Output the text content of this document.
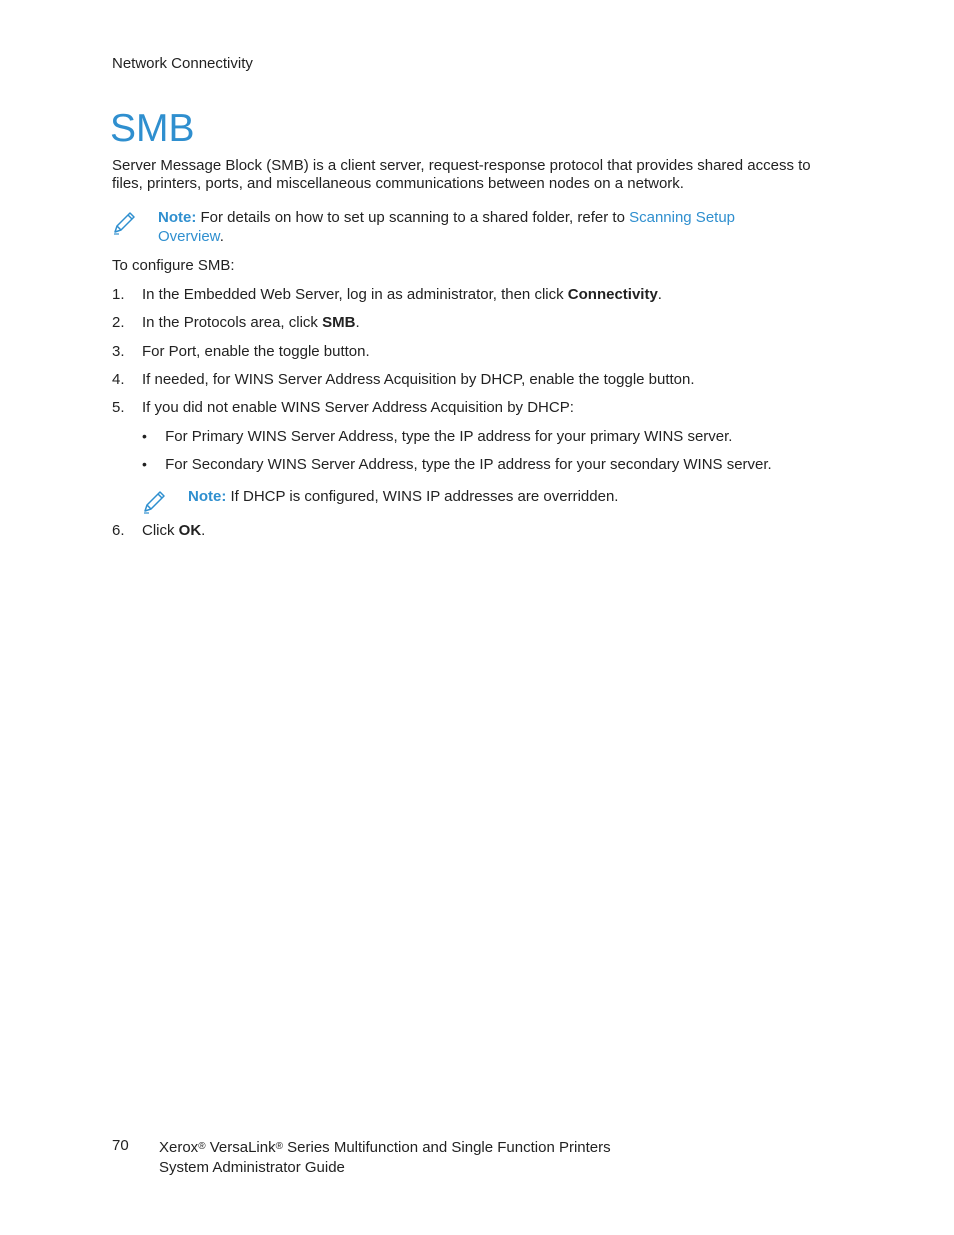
Network Connectivity
SMB
Server Message Block (SMB) is a client server, request-response protocol that provides shared access to files, printers, ports, and miscellaneous communications between nodes on a network.
Note: For details on how to set up scanning to a shared folder, refer to Scanning Setup Overview.
To configure SMB:
1.	In the Embedded Web Server, log in as administrator, then click Connectivity.
2.	In the Protocols area, click SMB.
3.	For Port, enable the toggle button.
4.	If needed, for WINS Server Address Acquisition by DHCP, enable the toggle button.
5.	If you did not enable WINS Server Address Acquisition by DHCP:
• For Primary WINS Server Address, type the IP address for your primary WINS server.
• For Secondary WINS Server Address, type the IP address for your secondary WINS server.
Note: If DHCP is configured, WINS IP addresses are overridden.
6.	Click OK.
70 Xerox® VersaLink® Series Multifunction and Single Function Printers
System Administrator Guide
